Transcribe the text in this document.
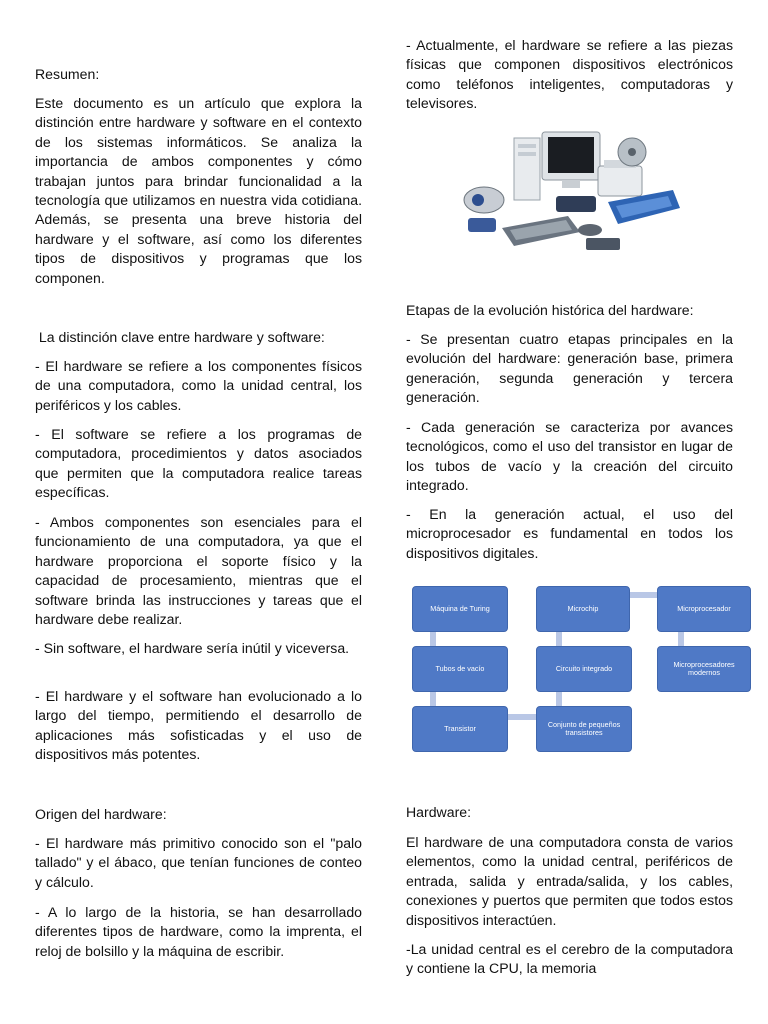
Resumen:

Este documento es un artículo que explora la distinción entre hardware y software en el contexto de los sistemas informáticos. Se analiza la importancia de ambos componentes y cómo trabajan juntos para brindar funcionalidad a la tecnología que utilizamos en nuestra vida cotidiana. Además, se presenta una breve historia del hardware y el software, así como los diferentes tipos de dispositivos y programas que los componen.

La distinción clave entre hardware y software:

- El hardware se refiere a los componentes físicos de una computadora, como la unidad central, los periféricos y los cables.

- El software se refiere a los programas de computadora, procedimientos y datos asociados que permiten que la computadora realice tareas específicas.

- Ambos componentes son esenciales para el funcionamiento de una computadora, ya que el hardware proporciona el soporte físico y la capacidad de procesamiento, mientras que el software brinda las instrucciones y tareas que el hardware debe realizar.

- Sin software, el hardware sería inútil y viceversa.

- El hardware y el software han evolucionado a lo largo del tiempo, permitiendo el desarrollo de aplicaciones más sofisticadas y el uso de dispositivos más potentes.

Origen del hardware:

- El hardware más primitivo conocido son el "palo tallado" y el ábaco, que tenían funciones de conteo y cálculo.

- A lo largo de la historia, se han desarrollado diferentes tipos de hardware, como la imprenta, el reloj de bolsillo y la máquina de escribir.

- Actualmente, el hardware se refiere a las piezas físicas que componen dispositivos electrónicos como teléfonos inteligentes, computadoras y televisores.

Etapas de la evolución histórica del hardware:

- Se presentan cuatro etapas principales en la evolución del hardware: generación base, primera generación, segunda generación y tercera generación.

- Cada generación se caracteriza por avances tecnológicos, como el uso del transistor en lugar de los tubos de vacío y la creación del circuito integrado.

- En la generación actual, el uso del microprocesador es fundamental en todos los dispositivos digitales.

Hardware:

El hardware de una computadora consta de varios elementos, como la unidad central, periféricos de entrada, salida y entrada/salida, y los cables, conexiones y puertos que permiten que todos estos dispositivos interactúen.

-La unidad central es el cerebro de la computadora y contiene la CPU, la memoria

Máquina de Turing
Tubos de vacío
Transistor	Conjunto de pequeños transistores
Circuito integrado
Microchip	Microprocesador
Microprocesadores modernos
